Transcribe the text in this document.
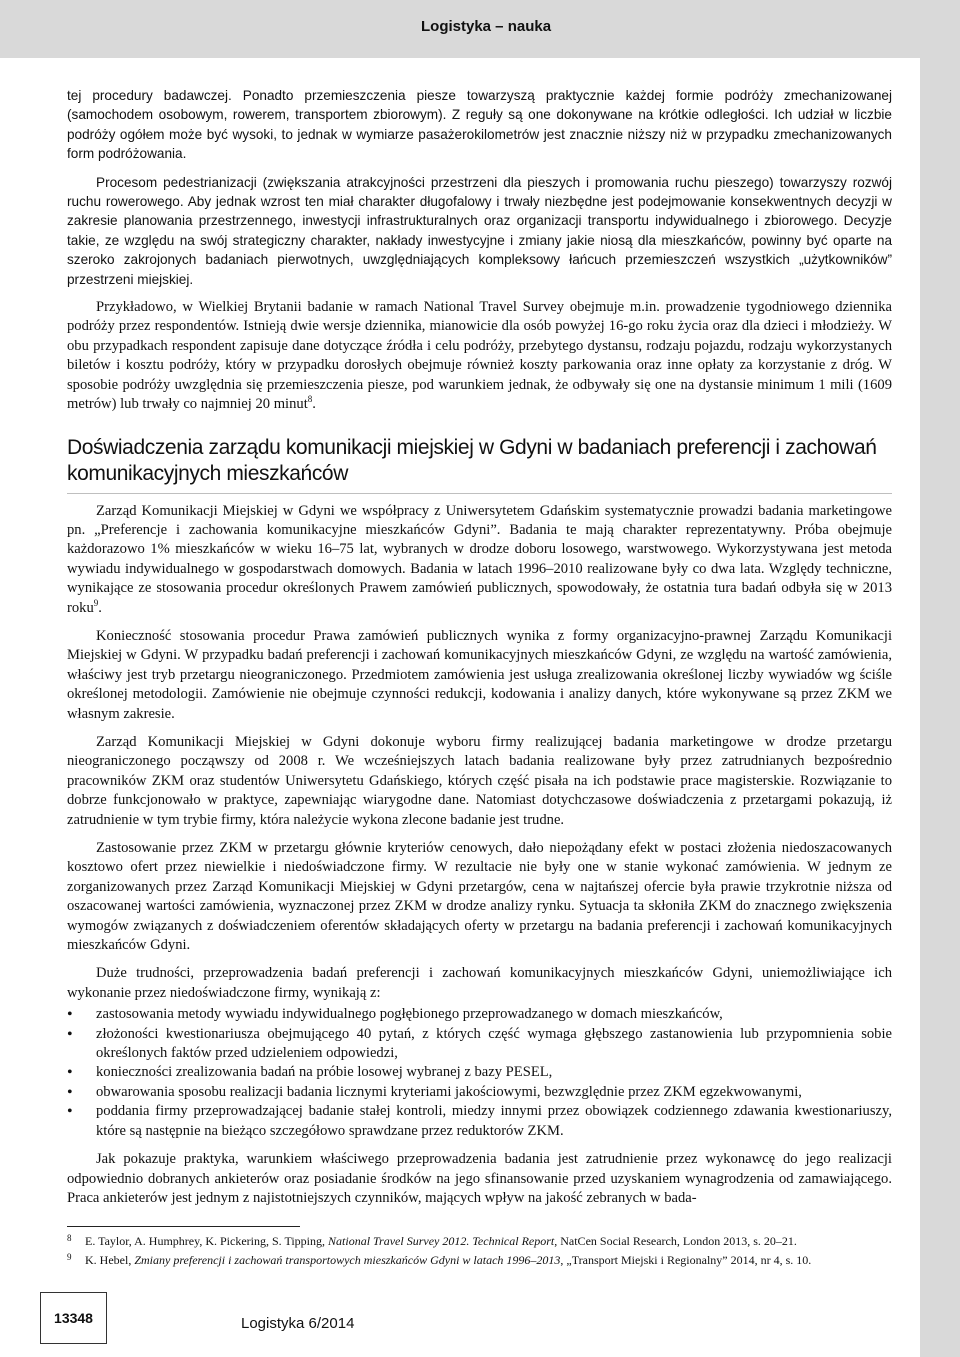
Logistyka – nauka

tej procedury badawczej. Ponadto przemieszczenia piesze towarzyszą praktycznie każdej formie podróży zmechanizowanej (samochodem osobowym, rowerem, transportem zbiorowym). Z reguły są one dokonywane na krótkie odległości. Ich udział w liczbie podróży ogółem może być wysoki, to jednak w wymiarze pasażerokilometrów jest znacznie niższy niż w przypadku zmechanizowanych form podróżowania.

Procesom pedestrianizacji (zwiększania atrakcyjności przestrzeni dla pieszych i promowania ruchu pieszego) towarzyszy rozwój ruchu rowerowego. Aby jednak wzrost ten miał charakter długofalowy i trwały niezbędne jest podejmowanie konsekwentnych decyzji w zakresie planowania przestrzennego, inwestycji infrastrukturalnych oraz organizacji transportu indywidualnego i zbiorowego. Decyzje takie, ze względu na swój strategiczny charakter, nakłady inwestycyjne i zmiany jakie niosą dla mieszkańców, powinny być oparte na szeroko zakrojonych badaniach pierwotnych, uwzględniających kompleksowy łańcuch przemieszczeń wszystkich „użytkowników” przestrzeni miejskiej.

Przykładowo, w Wielkiej Brytanii badanie w ramach National Travel Survey obejmuje m.in. prowadzenie tygodniowego dziennika podróży przez respondentów. Istnieją dwie wersje dziennika, mianowicie dla osób powyżej 16-go roku życia oraz dla dzieci i młodzieży. W obu przypadkach respondent zapisuje dane dotyczące źródła i celu podróży, przebytego dystansu, rodzaju pojazdu, rodzaju wykorzystanych biletów i kosztu podróży, który w przypadku dorosłych obejmuje również koszty parkowania oraz inne opłaty za korzystanie z dróg. W sposobie podróży uwzględnia się przemieszczenia piesze, pod warunkiem jednak, że odbywały się one na dystansie minimum 1 mili (1609 metrów) lub trwały co najmniej 20 minut$^8$.

Doświadczenia zarządu komunikacji miejskiej w Gdyni w badaniach preferencji i zachowań komunikacyjnych mieszkańców

Zarząd Komunikacji Miejskiej w Gdyni we współpracy z Uniwersytetem Gdańskim systematycznie prowadzi badania marketingowe pn. „Preferencje i zachowania komunikacyjne mieszkańców Gdyni”. Badania te mają charakter reprezentatywny. Próba obejmuje każdorazowo 1% mieszkańców w wieku 16–75 lat, wybranych w drodze doboru losowego, warstwowego. Wykorzystywana jest metoda wywiadu indywidualnego w gospodarstwach domowych. Badania w latach 1996–2010 realizowane były co dwa lata. Względy techniczne, wynikające ze stosowania procedur określonych Prawem zamówień publicznych, spowodowały, że ostatnia tura badań odbyła się w 2013 roku$^9$.

Konieczność stosowania procedur Prawa zamówień publicznych wynika z formy organizacyjno-prawnej Zarządu Komunikacji Miejskiej w Gdyni. W przypadku badań preferencji i zachowań komunikacyjnych mieszkańców Gdyni, ze względu na wartość zamówienia, właściwy jest tryb przetargu nieograniczonego. Przedmiotem zamówienia jest usługa zrealizowania określonej liczby wywiadów wg ściśle określonej metodologii. Zamówienie nie obejmuje czynności redukcji, kodowania i analizy danych, które wykonywane są przez ZKM we własnym zakresie.

Zarząd Komunikacji Miejskiej w Gdyni dokonuje wyboru firmy realizującej badania marketingowe w drodze przetargu nieograniczonego począwszy od 2008 r. We wcześniejszych latach badania realizowane były przez zatrudnianych bezpośrednio pracowników ZKM oraz studentów Uniwersytetu Gdańskiego, których część pisała na ich podstawie prace magisterskie. Rozwiązanie to dobrze funkcjonowało w praktyce, zapewniając wiarygodne dane. Natomiast dotychczasowe doświadczenia z przetargami pokazują, iż zatrudnienie w tym trybie firmy, która należycie wykona zlecone badanie jest trudne.

Zastosowanie przez ZKM w przetargu głównie kryteriów cenowych, dało niepożądany efekt w postaci złożenia niedoszacowanych kosztowo ofert przez niewielkie i niedoświadczone firmy. W rezultacie nie były one w stanie wykonać zamówienia. W jednym ze zorganizowanych przez Zarząd Komunikacji Miejskiej w Gdyni przetargów, cena w najtańszej ofercie była prawie trzykrotnie niższa od oszacowanej wartości zamówienia, wyznaczonej przez ZKM w drodze analizy rynku. Sytuacja ta skłoniła ZKM do znacznego zwiększenia wymogów związanych z doświadczeniem oferentów składających oferty w przetargu na badania preferencji i zachowań komunikacyjnych mieszkańców Gdyni.

Duże trudności, przeprowadzenia badań preferencji i zachowań komunikacyjnych mieszkańców Gdyni, uniemożliwiające ich wykonanie przez niedoświadczone firmy, wynikają z:

• zastosowania metody wywiadu indywidualnego pogłębionego przeprowadzanego w domach mieszkańców,
• złożoności kwestionariusza obejmującego 40 pytań, z których część wymaga głębszego zastanowienia lub przypomnienia sobie określonych faktów przed udzieleniem odpowiedzi,
• konieczności zrealizowania badań na próbie losowej wybranej z bazy PESEL,
• obwarowania sposobu realizacji badania licznymi kryteriami jakościowymi, bezwzględnie przez ZKM egzekwowanymi,
• poddania firmy przeprowadzającej badanie stałej kontroli, miedzy innymi przez obowiązek codziennego zdawania kwestionariuszy, które są następnie na bieżąco szczegółowo sprawdzane przez reduktorów ZKM.

Jak pokazuje praktyka, warunkiem właściwego przeprowadzenia badania jest zatrudnienie przez wykonawcę do jego realizacji odpowiednio dobranych ankieterów oraz posiadanie środków na jego sfinansowanie przed uzyskaniem wynagrodzenia od zamawiającego. Praca ankieterów jest jednym z najistotniejszych czynników, mających wpływ na jakość zebranych w bada-

8 E. Taylor, A. Humphrey, K. Pickering, S. Tipping, National Travel Survey 2012. Technical Report, NatCen Social Research, London 2013, s. 20–21.
9 K. Hebel, Zmiany preferencji i zachowań transportowych mieszkańców Gdyni w latach 1996–2013, „Transport Miejski i Regionalny” 2014, nr 4, s. 10.
13348	Logistyka 6/2014
